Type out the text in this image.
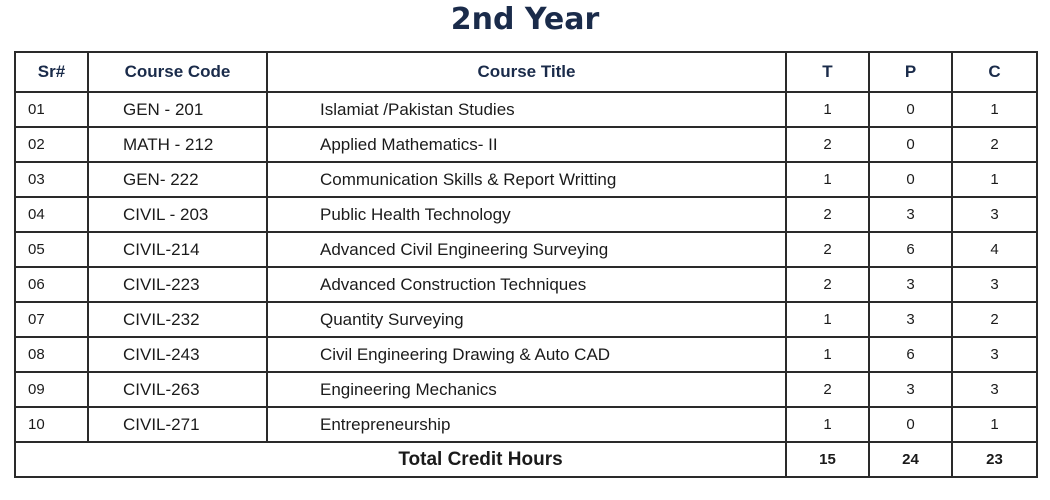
2nd Year
Sr#	Course Code	Course Title	T	P	C
01	GEN - 201	Islamiat /Pakistan Studies	1	0	1
02	MATH - 212	Applied Mathematics- II	2	0	2
03	GEN- 222	Communication Skills & Report Writting	1	0	1
04	CIVIL - 203	Public Health Technology	2	3	3
05	CIVIL-214	Advanced Civil Engineering Surveying	2	6	4
06	CIVIL-223	Advanced Construction Techniques	2	3	3
07	CIVIL-232	Quantity Surveying	1	3	2
08	CIVIL-243	Civil Engineering Drawing & Auto CAD	1	6	3
09	CIVIL-263	Engineering Mechanics	2	3	3
10	CIVIL-271	Entrepreneurship	1	0	1
Total Credit Hours			15	24	23
